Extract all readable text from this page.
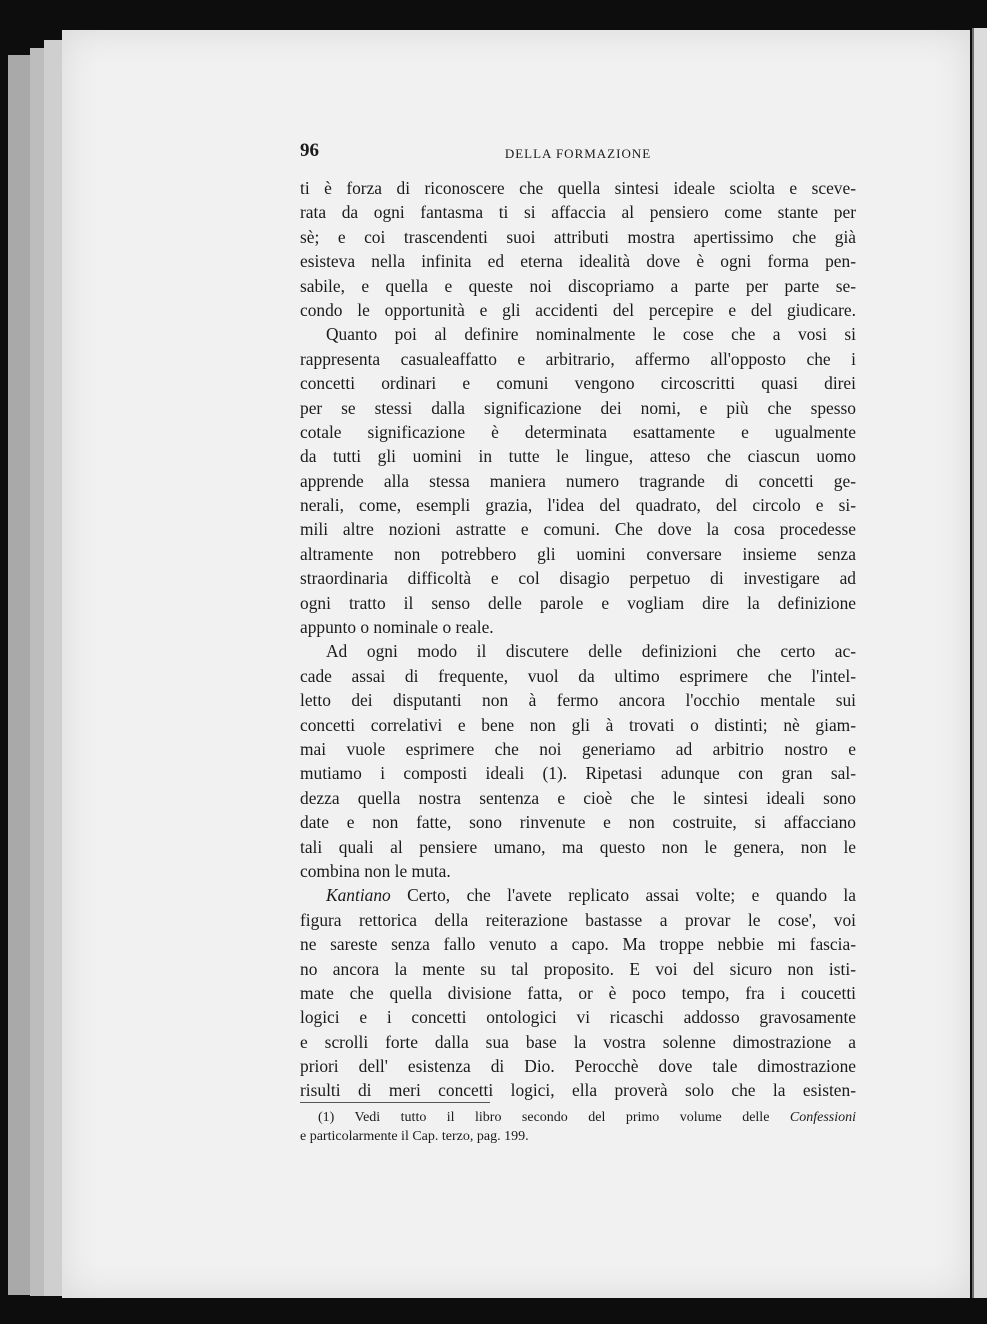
96	DELLA FORMAZIONE
ti è forza di riconoscere che quella sintesi ideale sciolta e sceve-
rata da ogni fantasma ti si affaccia al pensiero come stante per
sè; e coi trascendenti suoi attributi mostra apertissimo che già
esisteva nella infinita ed eterna idealità dove è ogni forma pen-
sabile, e quella e queste noi discopriamo a parte per parte se-
condo le opportunità e gli accidenti del percepire e del giudicare.
Quanto poi al definire nominalmente le cose che a vosi si
rappresenta casualeaffatto e arbitrario, affermo all'opposto che i
concetti ordinari e comuni vengono circoscritti quasi direi
per se stessi dalla significazione dei nomi, e più che spesso
cotale significazione è determinata esattamente e ugualmente
da tutti gli uomini in tutte le lingue, atteso che ciascun uomo
apprende alla stessa maniera numero tragrande di concetti ge-
nerali, come, esempli grazia, l'idea del quadrato, del circolo e si-
mili altre nozioni astratte e comuni. Che dove la cosa procedesse
altramente non potrebbero gli uomini conversare insieme senza
straordinaria difficoltà e col disagio perpetuo di investigare ad
ogni tratto il senso delle parole e vogliam dire la definizione
appunto o nominale o reale.
Ad ogni modo il discutere delle definizioni che certo ac-
cade assai di frequente, vuol da ultimo esprimere che l'intel-
letto dei disputanti non à fermo ancora l'occhio mentale sui
concetti correlativi e bene non gli à trovati o distinti; nè giam-
mai vuole esprimere che noi generiamo ad arbitrio nostro e
mutiamo i composti ideali (1). Ripetasi adunque con gran sal-
dezza quella nostra sentenza e cioè che le sintesi ideali sono
date e non fatte, sono rinvenute e non costruite, si affacciano
tali quali al pensiere umano, ma questo non le genera, non le
combina non le muta.
Kantiano Certo, che l'avete replicato assai volte; e quando la
figura rettorica della reiterazione bastasse a provar le cose', voi
ne sareste senza fallo venuto a capo. Ma troppe nebbie mi fascia-
no ancora la mente su tal proposito. E voi del sicuro non isti-
mate che quella divisione fatta, or è poco tempo, fra i coucetti
logici e i concetti ontologici vi ricaschi addosso gravosamente
e scrolli forte dalla sua base la vostra solenne dimostrazione a
priori dell' esistenza di Dio. Perocchè dove tale dimostrazione
risulti di meri concetti logici, ella proverà solo che la esisten-
(1) Vedi tutto il libro secondo del primo volume delle Confessioni
e particolarmente il Cap. terzo, pag. 199.
